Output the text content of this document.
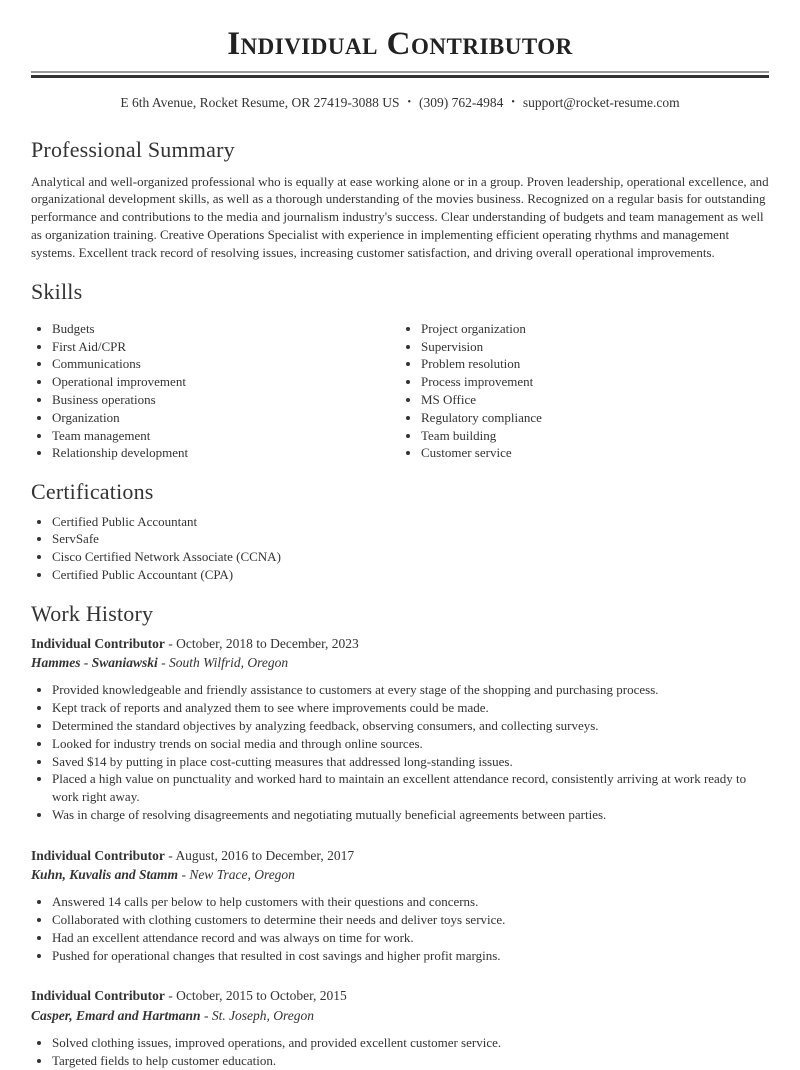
Individual Contributor
E 6th Avenue, Rocket Resume, OR 27419-3088 US • (309) 762-4984 • support@rocket-resume.com
Professional Summary

Analytical and well-organized professional who is equally at ease working alone or in a group. Proven leadership, operational excellence, and organizational development skills, as well as a thorough understanding of the movies business. Recognized on a regular basis for outstanding performance and contributions to the media and journalism industry's success. Clear understanding of budgets and team management as well as organization training. Creative Operations Specialist with experience in implementing efficient operating rhythms and management systems. Excellent track record of resolving issues, increasing customer satisfaction, and driving overall operational improvements.

Skills
• Budgets
• First Aid/CPR
• Communications
• Operational improvement
• Business operations
• Organization
• Team management
• Relationship development
• Project organization
• Supervision
• Problem resolution
• Process improvement
• MS Office
• Regulatory compliance
• Team building
• Customer service
Certifications
• Certified Public Accountant
• ServSafe
• Cisco Certified Network Associate (CCNA)
• Certified Public Accountant (CPA)
Work History

Individual Contributor - October, 2018 to December, 2023

Hammes - Swaniawski - South Wilfrid, Oregon

• Provided knowledgeable and friendly assistance to customers at every stage of the shopping and purchasing process.
• Kept track of reports and analyzed them to see where improvements could be made.
• Determined the standard objectives by analyzing feedback, observing consumers, and collecting surveys.
• Looked for industry trends on social media and through online sources.
• Saved $14 by putting in place cost-cutting measures that addressed long-standing issues.
• Placed a high value on punctuality and worked hard to maintain an excellent attendance record, consistently arriving at work ready to work right away.
• Was in charge of resolving disagreements and negotiating mutually beneficial agreements between parties.

Individual Contributor - August, 2016 to December, 2017

Kuhn, Kuvalis and Stamm - New Trace, Oregon

• Answered 14 calls per below to help customers with their questions and concerns.
• Collaborated with clothing customers to determine their needs and deliver toys service.
• Had an excellent attendance record and was always on time for work.
• Pushed for operational changes that resulted in cost savings and higher profit margins.

Individual Contributor - October, 2015 to October, 2015

Casper, Emard and Hartmann - St. Joseph, Oregon

• Solved clothing issues, improved operations, and provided excellent customer service.
• Targeted fields to help customer education.
